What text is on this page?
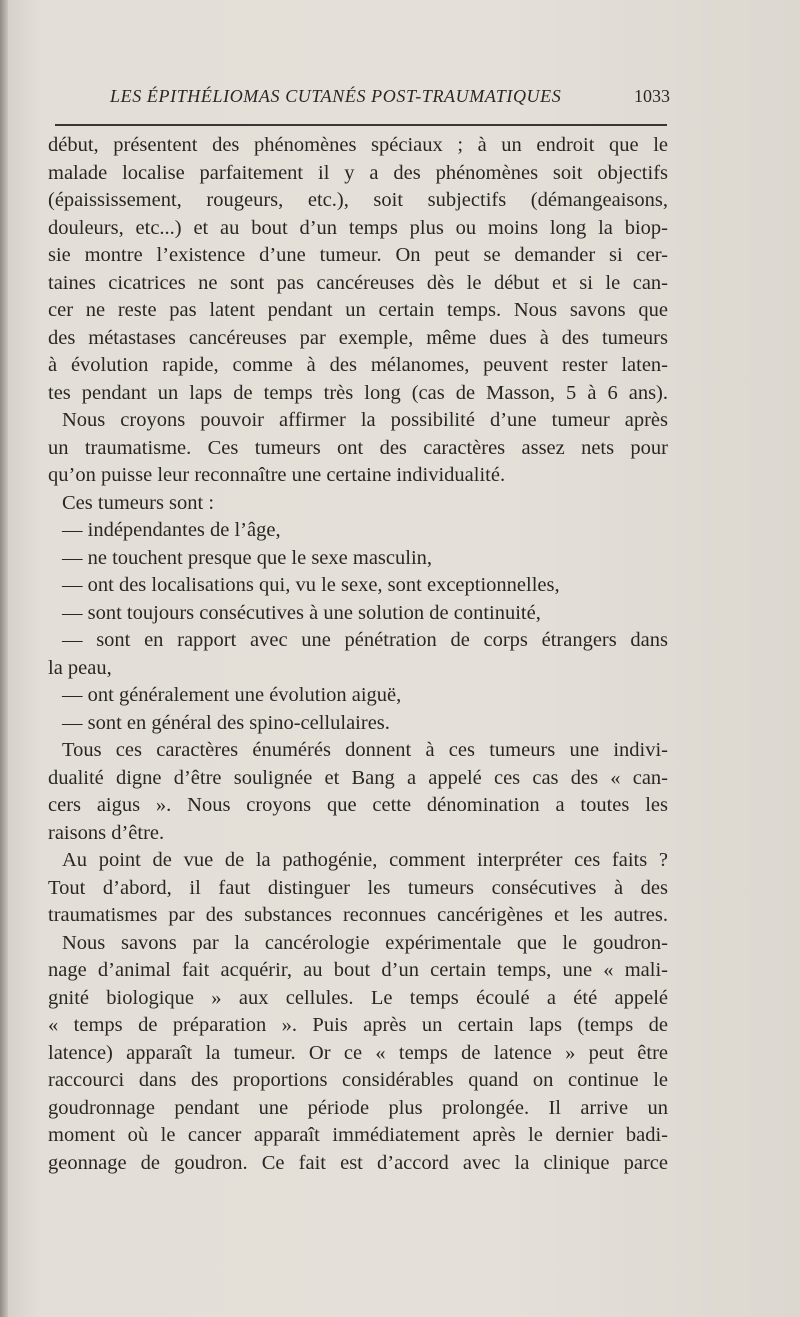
LES ÉPITHÉLIOMAS CUTANÉS POST-TRAUMATIQUES	1033
début, présentent des phénomènes spéciaux ; à un endroit que le
malade localise parfaitement il y a des phénomènes soit objectifs
(épaississement, rougeurs, etc.), soit subjectifs (démangeaisons,
douleurs, etc...) et au bout d’un temps plus ou moins long la biop-
sie montre l’existence d’une tumeur. On peut se demander si cer-
taines cicatrices ne sont pas cancéreuses dès le début et si le can-
cer ne reste pas latent pendant un certain temps. Nous savons que
des métastases cancéreuses par exemple, même dues à des tumeurs
à évolution rapide, comme à des mélanomes, peuvent rester laten-
tes pendant un laps de temps très long (cas de Masson, 5 à 6 ans).
Nous croyons pouvoir affirmer la possibilité d’une tumeur après
un traumatisme. Ces tumeurs ont des caractères assez nets pour
qu’on puisse leur reconnaître une certaine individualité.
Ces tumeurs sont :
— indépendantes de l’âge,
— ne touchent presque que le sexe masculin,
— ont des localisations qui, vu le sexe, sont exceptionnelles,
— sont toujours consécutives à une solution de continuité,
— sont en rapport avec une pénétration de corps étrangers dans
la peau,
— ont généralement une évolution aiguë,
— sont en général des spino-cellulaires.
Tous ces caractères énumérés donnent à ces tumeurs une indivi-
dualité digne d’être soulignée et Bang a appelé ces cas des « can-
cers aigus ». Nous croyons que cette dénomination a toutes les
raisons d’être.
Au point de vue de la pathogénie, comment interpréter ces faits ?
Tout d’abord, il faut distinguer les tumeurs consécutives à des
traumatismes par des substances reconnues cancérigènes et les autres.
Nous savons par la cancérologie expérimentale que le goudron-
nage d’animal fait acquérir, au bout d’un certain temps, une « mali-
gnité biologique » aux cellules. Le temps écoulé a été appelé
« temps de préparation ». Puis après un certain laps (temps de
latence) apparaît la tumeur. Or ce « temps de latence » peut être
raccourci dans des proportions considérables quand on continue le
goudronnage pendant une période plus prolongée. Il arrive un
moment où le cancer apparaît immédiatement après le dernier badi-
geonnage de goudron. Ce fait est d’accord avec la clinique parce
